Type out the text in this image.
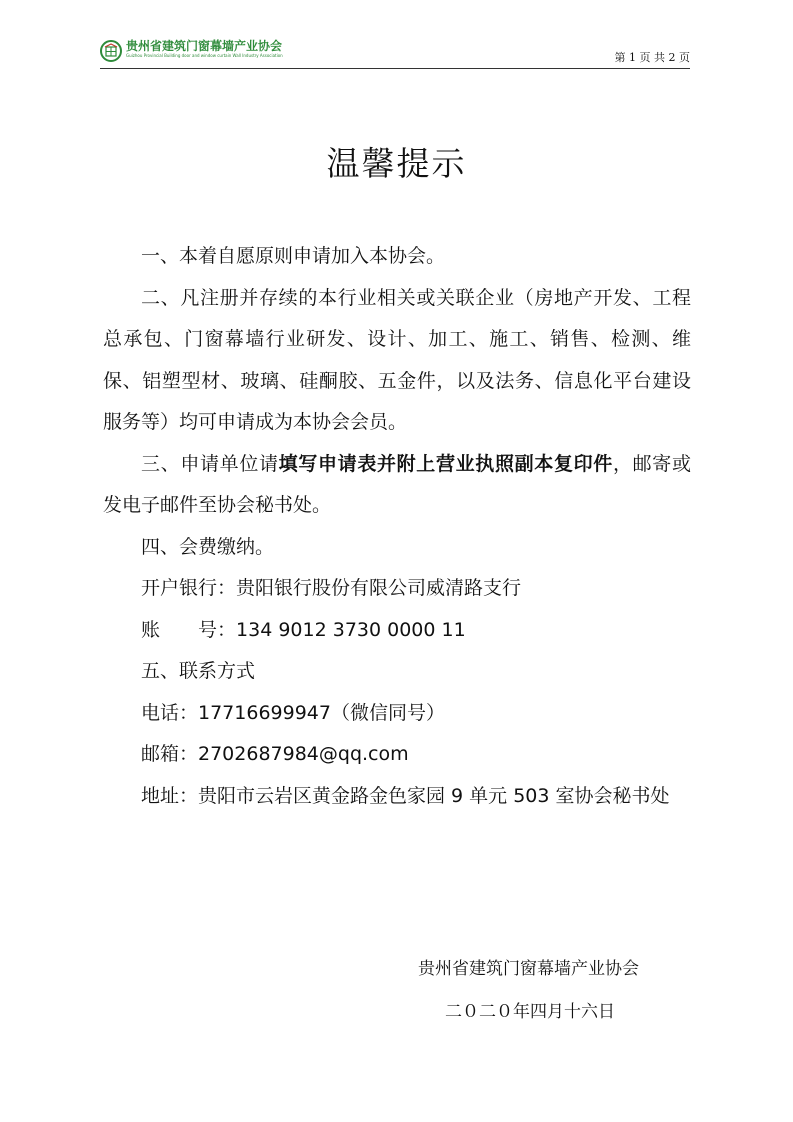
贵州省建筑门窗幕墙产业协会
Guizhou Provincial Building door and window curtain Wall Industry Association	第 1 页 共 2 页
温馨提示

一、本着自愿原则申请加入本协会。

二、凡注册并存续的本行业相关或关联企业（房地产开发、工程总承包、门窗幕墙行业研发、设计、加工、施工、销售、检测、维保、铝塑型材、玻璃、硅酮胶、五金件，以及法务、信息化平台建设服务等）均可申请成为本协会会员。

三、申请单位请填写申请表并附上营业执照副本复印件，邮寄或发电子邮件至协会秘书处。

四、会费缴纳。

开户银行：贵阳银行股份有限公司威清路支行

账 号：134 9012 3730 0000 11

五、联系方式

电话：17716699947（微信同号）

邮箱：2702687984@qq.com

地址：贵阳市云岩区黄金路金色家园 9 单元 503 室协会秘书处

贵州省建筑门窗幕墙产业协会
二０二０年四月十六日
